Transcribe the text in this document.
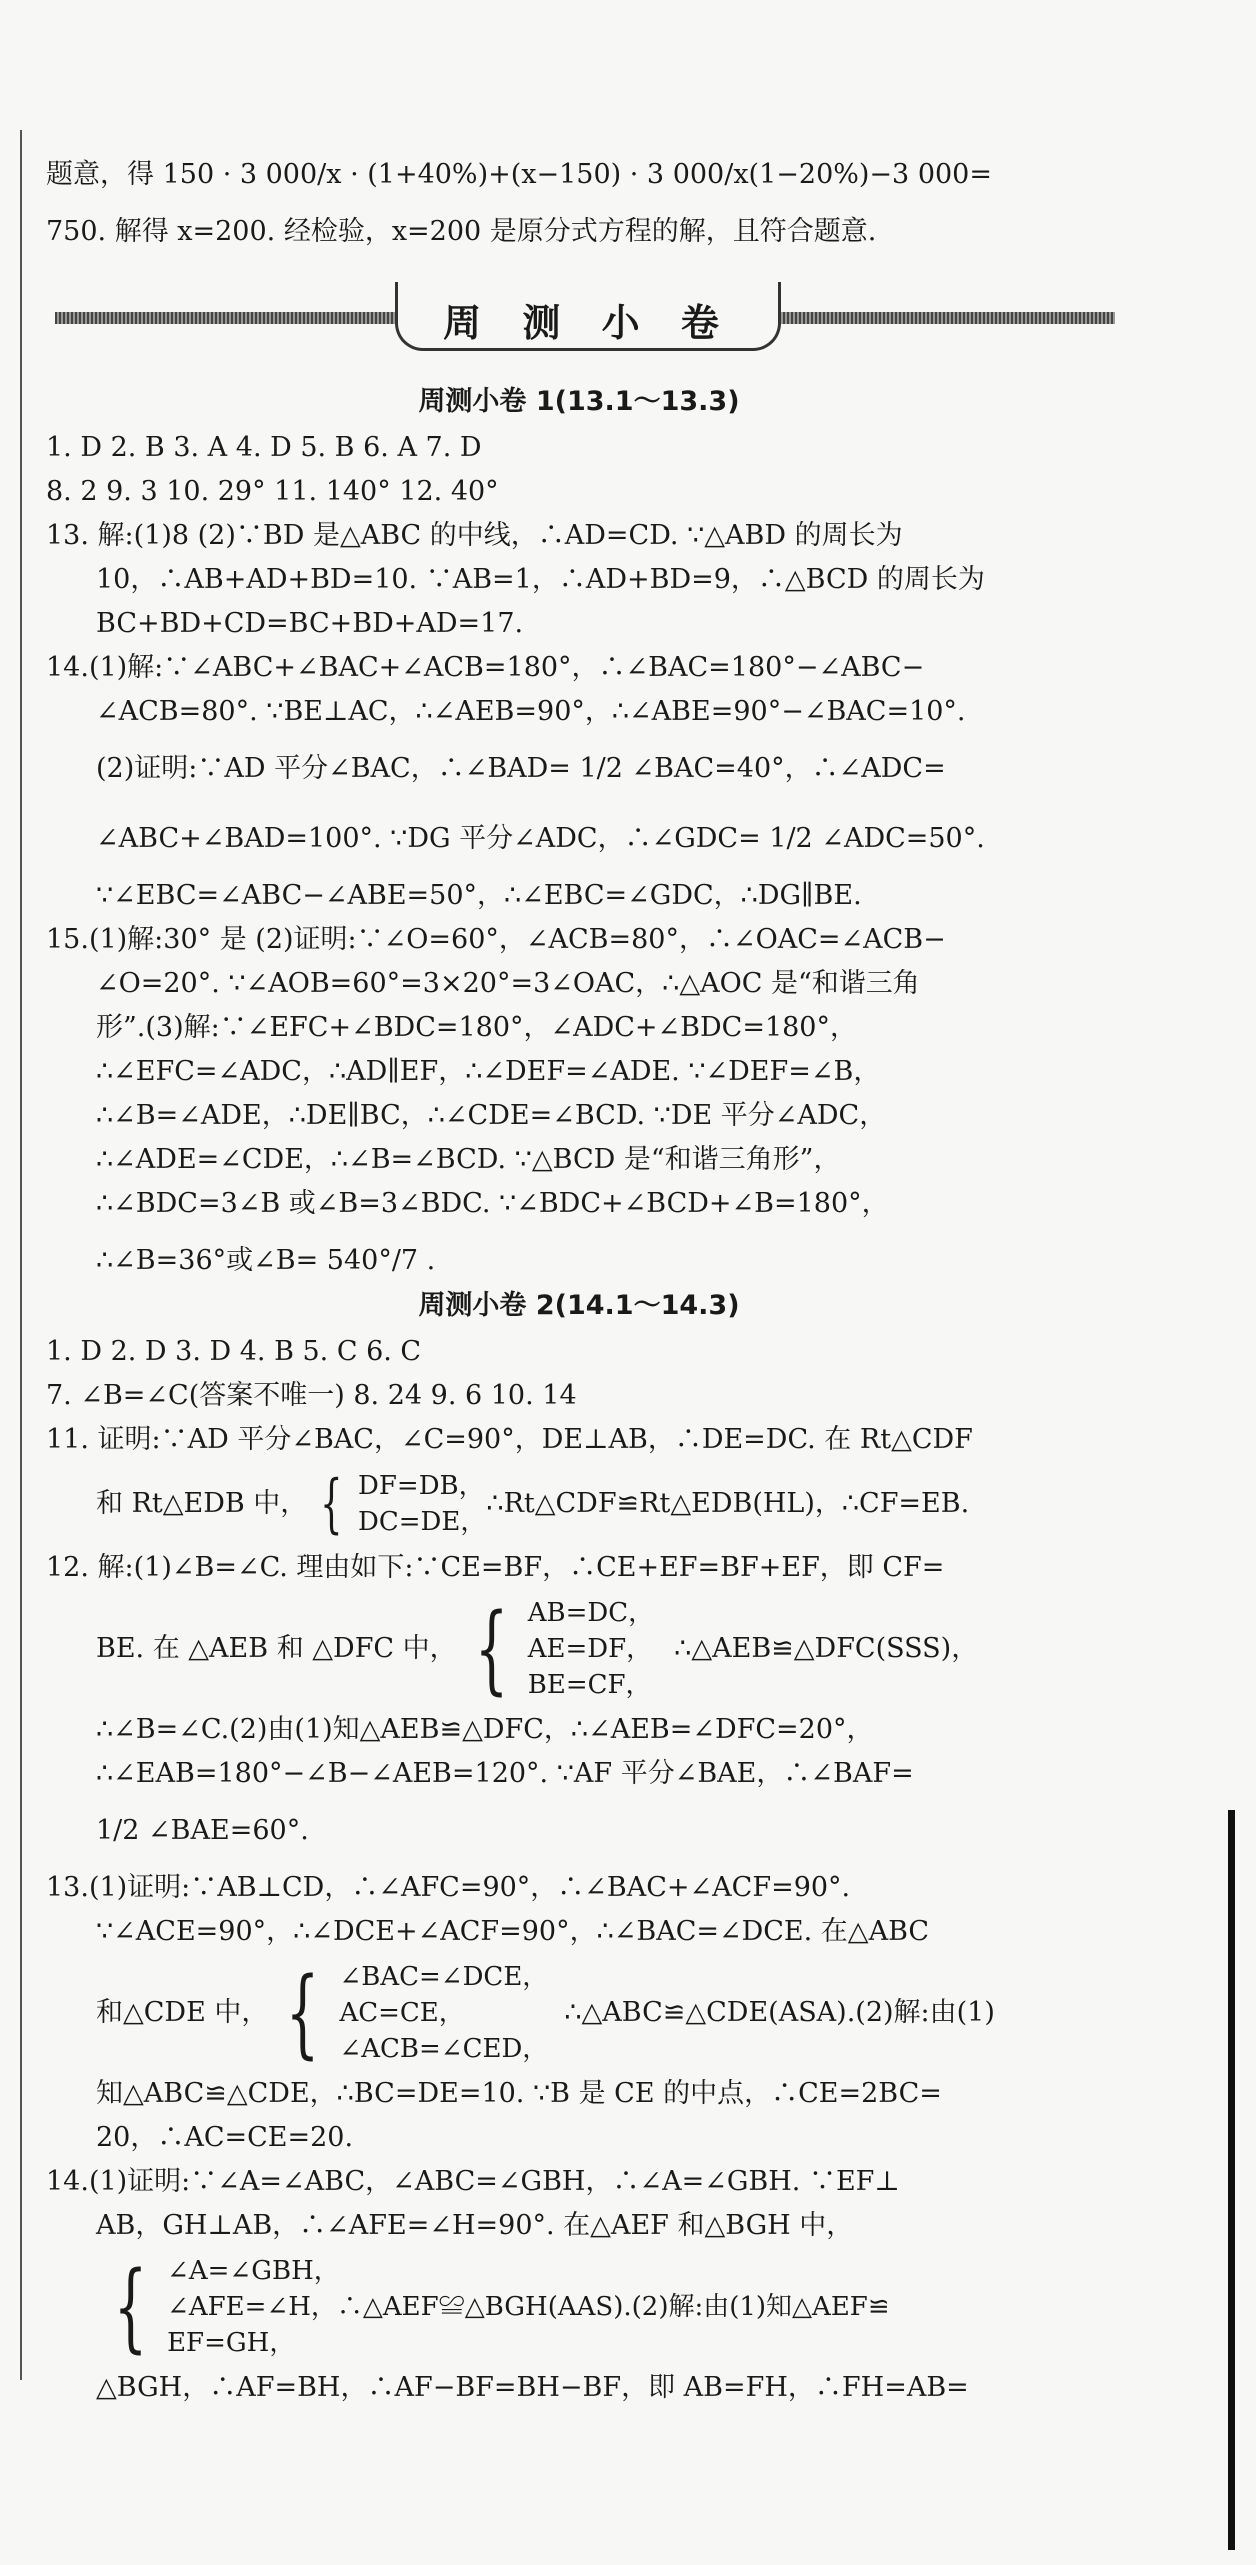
题意，得 150 · 3 000/x · (1+40%)+(x−150) · 3 000/x(1−20%)−3 000=
750. 解得 x=200. 经检验，x=200 是原分式方程的解，且符合题意.
周 测 小 卷
周测小卷 1(13.1～13.3)
1. D 2. B 3. A 4. D 5. B 6. A 7. D
8. 2 9. 3 10. 29° 11. 140° 12. 40°
13. 解:(1)8 (2)∵BD 是△ABC 的中线，∴AD=CD. ∵△ABD 的周长为
10，∴AB+AD+BD=10. ∵AB=1，∴AD+BD=9，∴△BCD 的周长为
BC+BD+CD=BC+BD+AD=17.
14.(1)解:∵∠ABC+∠BAC+∠ACB=180°，∴∠BAC=180°−∠ABC−
∠ACB=80°. ∵BE⊥AC，∴∠AEB=90°，∴∠ABE=90°−∠BAC=10°.
(2)证明:∵AD 平分∠BAC，∴∠BAD= 1/2 ∠BAC=40°，∴∠ADC=
∠ABC+∠BAD=100°. ∵DG 平分∠ADC，∴∠GDC= 1/2 ∠ADC=50°.
∵∠EBC=∠ABC−∠ABE=50°，∴∠EBC=∠GDC，∴DG∥BE.
15.(1)解:30° 是 (2)证明:∵∠O=60°，∠ACB=80°，∴∠OAC=∠ACB−
∠O=20°. ∵∠AOB=60°=3×20°=3∠OAC，∴△AOC 是“和谐三角
形”.(3)解:∵∠EFC+∠BDC=180°，∠ADC+∠BDC=180°，
∴∠EFC=∠ADC，∴AD∥EF，∴∠DEF=∠ADE. ∵∠DEF=∠B，
∴∠B=∠ADE，∴DE∥BC，∴∠CDE=∠BCD. ∵DE 平分∠ADC，
∴∠ADE=∠CDE，∴∠B=∠BCD. ∵△BCD 是“和谐三角形”，
∴∠BDC=3∠B 或∠B=3∠BDC. ∵∠BDC+∠BCD+∠B=180°，
∴∠B=36°或∠B= 540°/7 .
周测小卷 2(14.1～14.3)
1. D 2. D 3. D 4. B 5. C 6. C
7. ∠B=∠C(答案不唯一) 8. 24 9. 6 10. 14
11. 证明:∵AD 平分∠BAC，∠C=90°，DE⊥AB，∴DE=DC. 在 Rt△CDF
和 Rt△EDB 中， { DF=DB，
DC=DE，
∴Rt△CDF≌Rt△EDB(HL)，∴CF=EB.
12. 解:(1)∠B=∠C. 理由如下:∵CE=BF，∴CE+EF=BF+EF，即 CF=
BE. 在 △AEB 和 △DFC 中， { AB=DC，
AE=DF，
BE=CF，
∴△AEB≌△DFC(SSS)，
∴∠B=∠C.(2)由(1)知△AEB≌△DFC，∴∠AEB=∠DFC=20°，
∴∠EAB=180°−∠B−∠AEB=120°. ∵AF 平分∠BAE，∴∠BAF=
1/2 ∠BAE=60°.
13.(1)证明:∵AB⊥CD，∴∠AFC=90°，∴∠BAC+∠ACF=90°.
∵∠ACE=90°，∴∠DCE+∠ACF=90°，∴∠BAC=∠DCE. 在△ABC
和△CDE 中， { ∠BAC=∠DCE，
AC=CE，
∠ACB=∠CED，
∴△ABC≌△CDE(ASA).(2)解:由(1)
知△ABC≌△CDE，∴BC=DE=10. ∵B 是 CE 的中点，∴CE=2BC=
20，∴AC=CE=20.
14.(1)证明:∵∠A=∠ABC，∠ABC=∠GBH，∴∠A=∠GBH. ∵EF⊥
AB，GH⊥AB，∴∠AFE=∠H=90°. 在△AEF 和△BGH 中，
{ ∠A=∠GBH，
∠AFE=∠H，∴△AEF≌△BGH(AAS).(2)解:由(1)知△AEF≌
EF=GH，
△BGH，∴AF=BH，∴AF−BF=BH−BF，即 AB=FH，∴FH=AB=
